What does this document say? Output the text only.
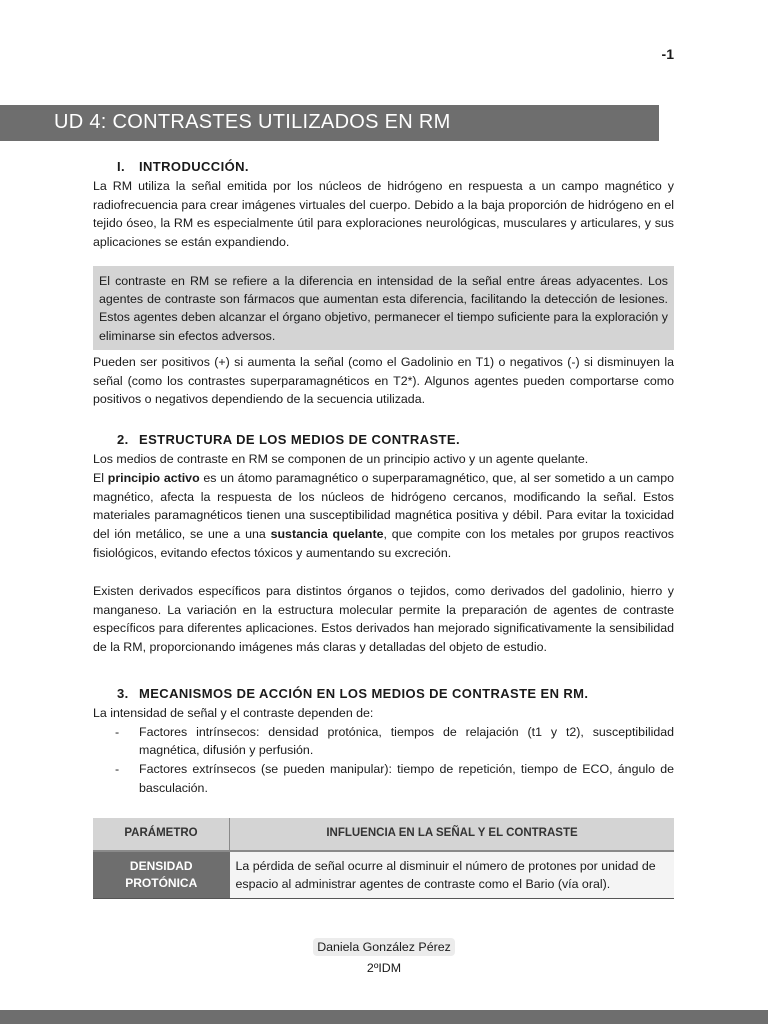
-1
UD 4: CONTRASTES UTILIZADOS EN RM
I. INTRODUCCIÓN.

La RM utiliza la señal emitida por los núcleos de hidrógeno en respuesta a un campo magnético y radiofrecuencia para crear imágenes virtuales del cuerpo. Debido a la baja proporción de hidrógeno en el tejido óseo, la RM es especialmente útil para exploraciones neurológicas, musculares y articulares, y sus aplicaciones se están expandiendo.

El contraste en RM se refiere a la diferencia en intensidad de la señal entre áreas adyacentes. Los agentes de contraste son fármacos que aumentan esta diferencia, facilitando la detección de lesiones. Estos agentes deben alcanzar el órgano objetivo, permanecer el tiempo suficiente para la exploración y eliminarse sin efectos adversos.

Pueden ser positivos (+) si aumenta la señal (como el Gadolinio en T1) o negativos (-) si disminuyen la señal (como los contrastes superparamagnéticos en T2*). Algunos agentes pueden comportarse como positivos o negativos dependiendo de la secuencia utilizada.

2. ESTRUCTURA DE LOS MEDIOS DE CONTRASTE.

Los medios de contraste en RM se componen de un principio activo y un agente quelante.

El principio activo es un átomo paramagnético o superparamagnético, que, al ser sometido a un campo magnético, afecta la respuesta de los núcleos de hidrógeno cercanos, modificando la señal. Estos materiales paramagnéticos tienen una susceptibilidad magnética positiva y débil. Para evitar la toxicidad del ión metálico, se une a una sustancia quelante, que compite con los metales por grupos reactivos fisiológicos, evitando efectos tóxicos y aumentando su excreción.

Existen derivados específicos para distintos órganos o tejidos, como derivados del gadolinio, hierro y manganeso. La variación en la estructura molecular permite la preparación de agentes de contraste específicos para diferentes aplicaciones. Estos derivados han mejorado significativamente la sensibilidad de la RM, proporcionando imágenes más claras y detalladas del objeto de estudio.

3. MECANISMOS DE ACCIÓN EN LOS MEDIOS DE CONTRASTE EN RM.

La intensidad de señal y el contraste dependen de:

- Factores intrínsecos: densidad protónica, tiempos de relajación (t1 y t2), susceptibilidad magnética, difusión y perfusión.
- Factores extrínsecos (se pueden manipular): tiempo de repetición, tiempo de ECO, ángulo de basculación.
PARÁMETRO	INFLUENCIA EN LA SEÑAL Y EL CONTRASTE
DENSIDAD PROTÓNICA	La pérdida de señal ocurre al disminuir el número de protones por unidad de espacio al administrar agentes de contraste como el Bario (vía oral).
Daniela González Pérez
2ºIDM
